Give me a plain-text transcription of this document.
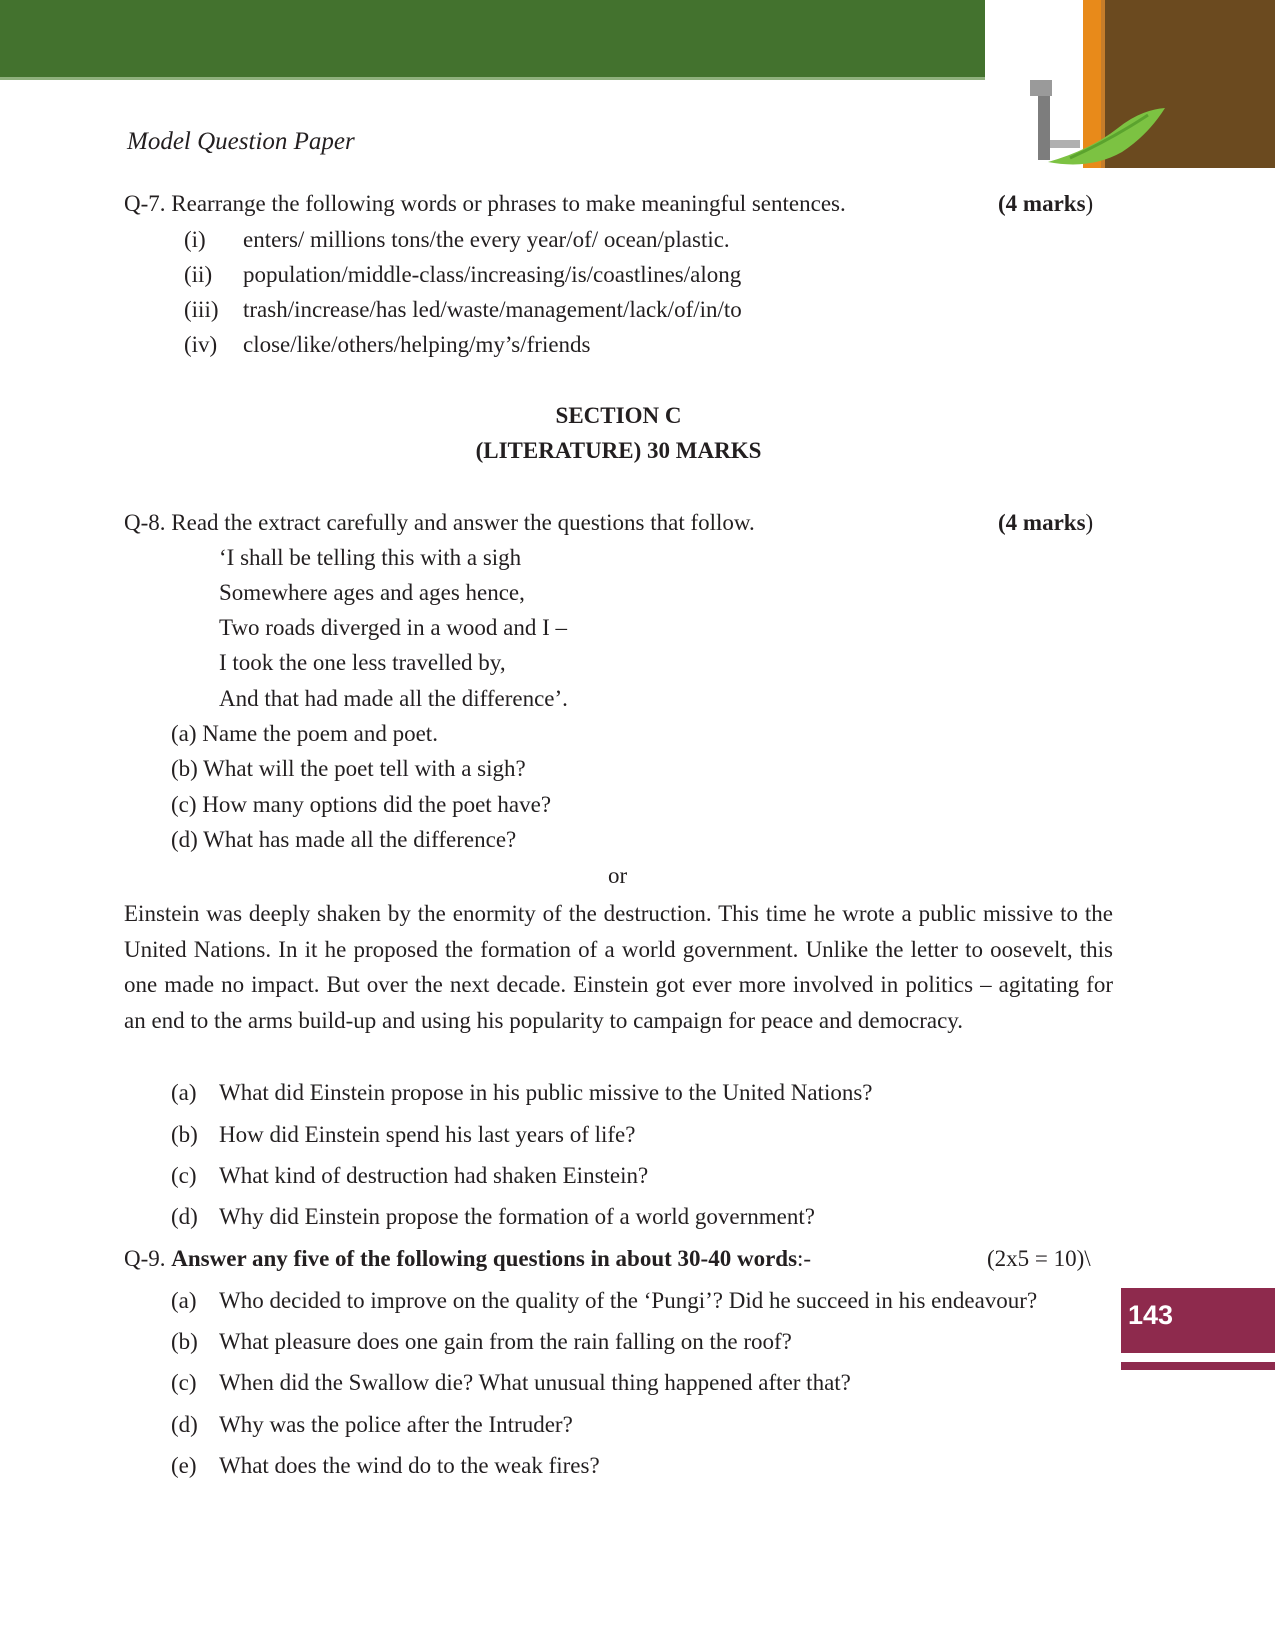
Model Question Paper
Q-7. Rearrange the following words or phrases to make meaningful sentences.	(4 marks)
(i) enters/ millions tons/the every year/of/ ocean/plastic.
(ii) population/middle-class/increasing/is/coastlines/along
(iii) trash/increase/has led/waste/management/lack/of/in/to
(iv) close/like/others/helping/my’s/friends
SECTION C
(LITERATURE) 30 MARKS
Q-8. Read the extract carefully and answer the questions that follow.	(4 marks)
‘I shall be telling this with a sigh
Somewhere ages and ages hence,
Two roads diverged in a wood and I –
I took the one less travelled by,
And that had made all the difference’.
(a) Name the poem and poet.
(b) What will the poet tell with a sigh?
(c) How many options did the poet have?
(d) What has made all the difference?
or
Einstein was deeply shaken by the enormity of the destruction. This time he wrote a public missive to the United Nations. In it he proposed the formation of a world government. Unlike the letter to oosevelt, this one made no impact. But over the next decade. Einstein got ever more involved in politics – agitating for an end to the arms build-up and using his popularity to campaign for peace and democracy.
(a) What did Einstein propose in his public missive to the United Nations?
(b) How did Einstein spend his last years of life?
(c) What kind of destruction had shaken Einstein?
(d) Why did Einstein propose the formation of a world government?
Q-9. Answer any five of the following questions in about 30-40 words:-	(2x5 = 10)\
(a) Who decided to improve on the quality of the ‘Pungi’? Did he succeed in his endeavour?
(b) What pleasure does one gain from the rain falling on the roof?
(c) When did the Swallow die? What unusual thing happened after that?
(d) Why was the police after the Intruder?
(e) What does the wind do to the weak fires?
143
